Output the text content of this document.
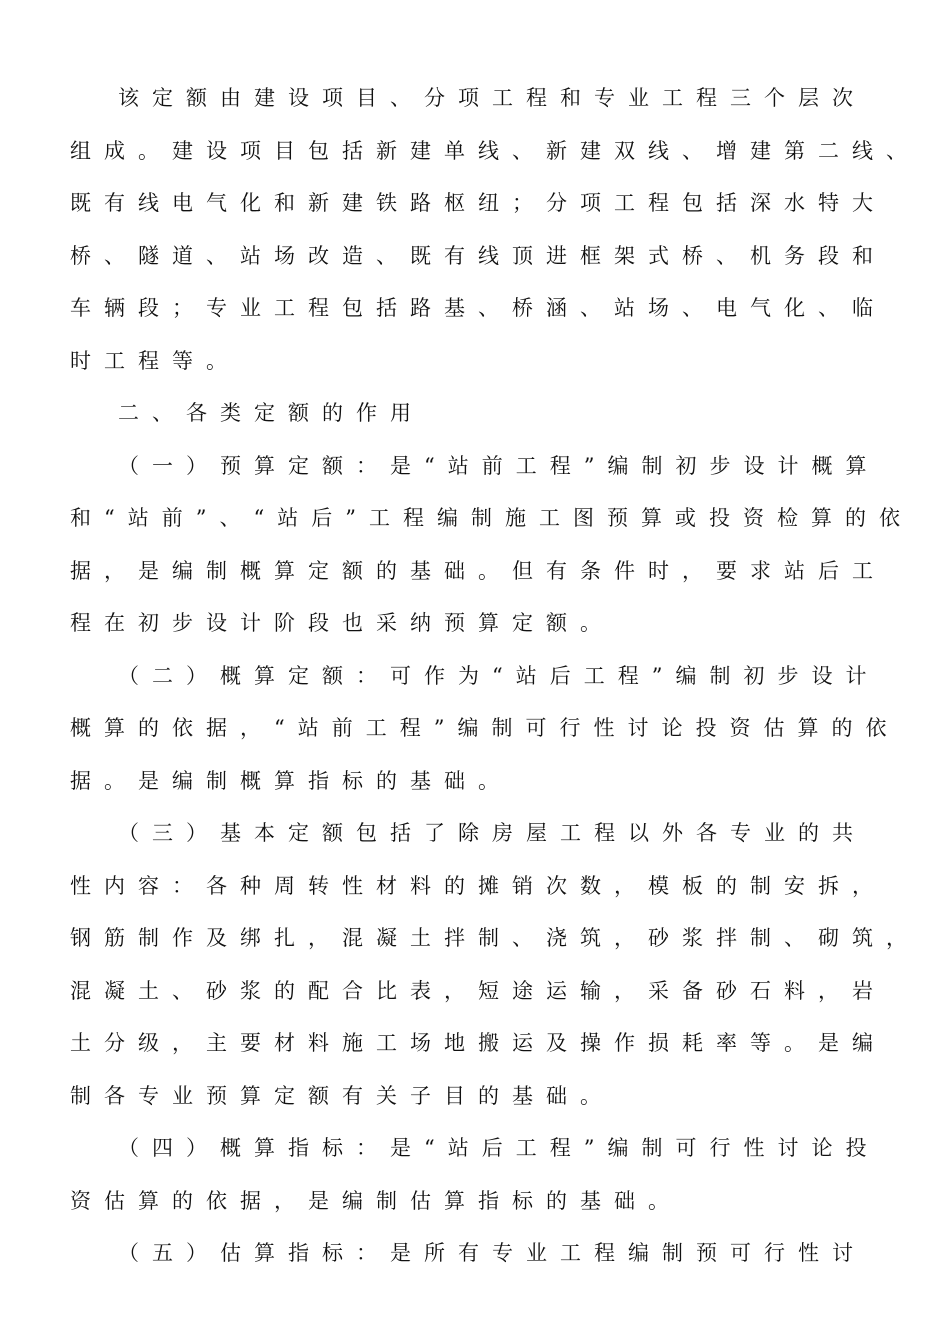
该定额由建设项目、分项工程和专业工程三个层次
组成。建设项目包括新建单线、新建双线、增建第二线、
既有线电气化和新建铁路枢纽；分项工程包括深水特大
桥、隧道、站场改造、既有线顶进框架式桥、机务段和
车辆段；专业工程包括路基、桥涵、站场、电气化、临
时工程等。
二、各类定额的作用
（一）预算定额：是“站前工程”编制初步设计概算
和“站前”、“站后”工程编制施工图预算或投资检算的依
据，是编制概算定额的基础。但有条件时，要求站后工
程在初步设计阶段也采纳预算定额。
（二）概算定额：可作为“站后工程”编制初步设计
概算的依据，“站前工程”编制可行性讨论投资估算的依
据。是编制概算指标的基础。
（三）基本定额包括了除房屋工程以外各专业的共
性内容：各种周转性材料的摊销次数，模板的制安拆，
钢筋制作及绑扎，混凝土拌制、浇筑，砂浆拌制、砌筑，
混凝土、砂浆的配合比表，短途运输，采备砂石料，岩
土分级，主要材料施工场地搬运及操作损耗率等。是编
制各专业预算定额有关子目的基础。
（四）概算指标：是“站后工程”编制可行性讨论投
资估算的依据，是编制估算指标的基础。
（五）估算指标：是所有专业工程编制预可行性讨
